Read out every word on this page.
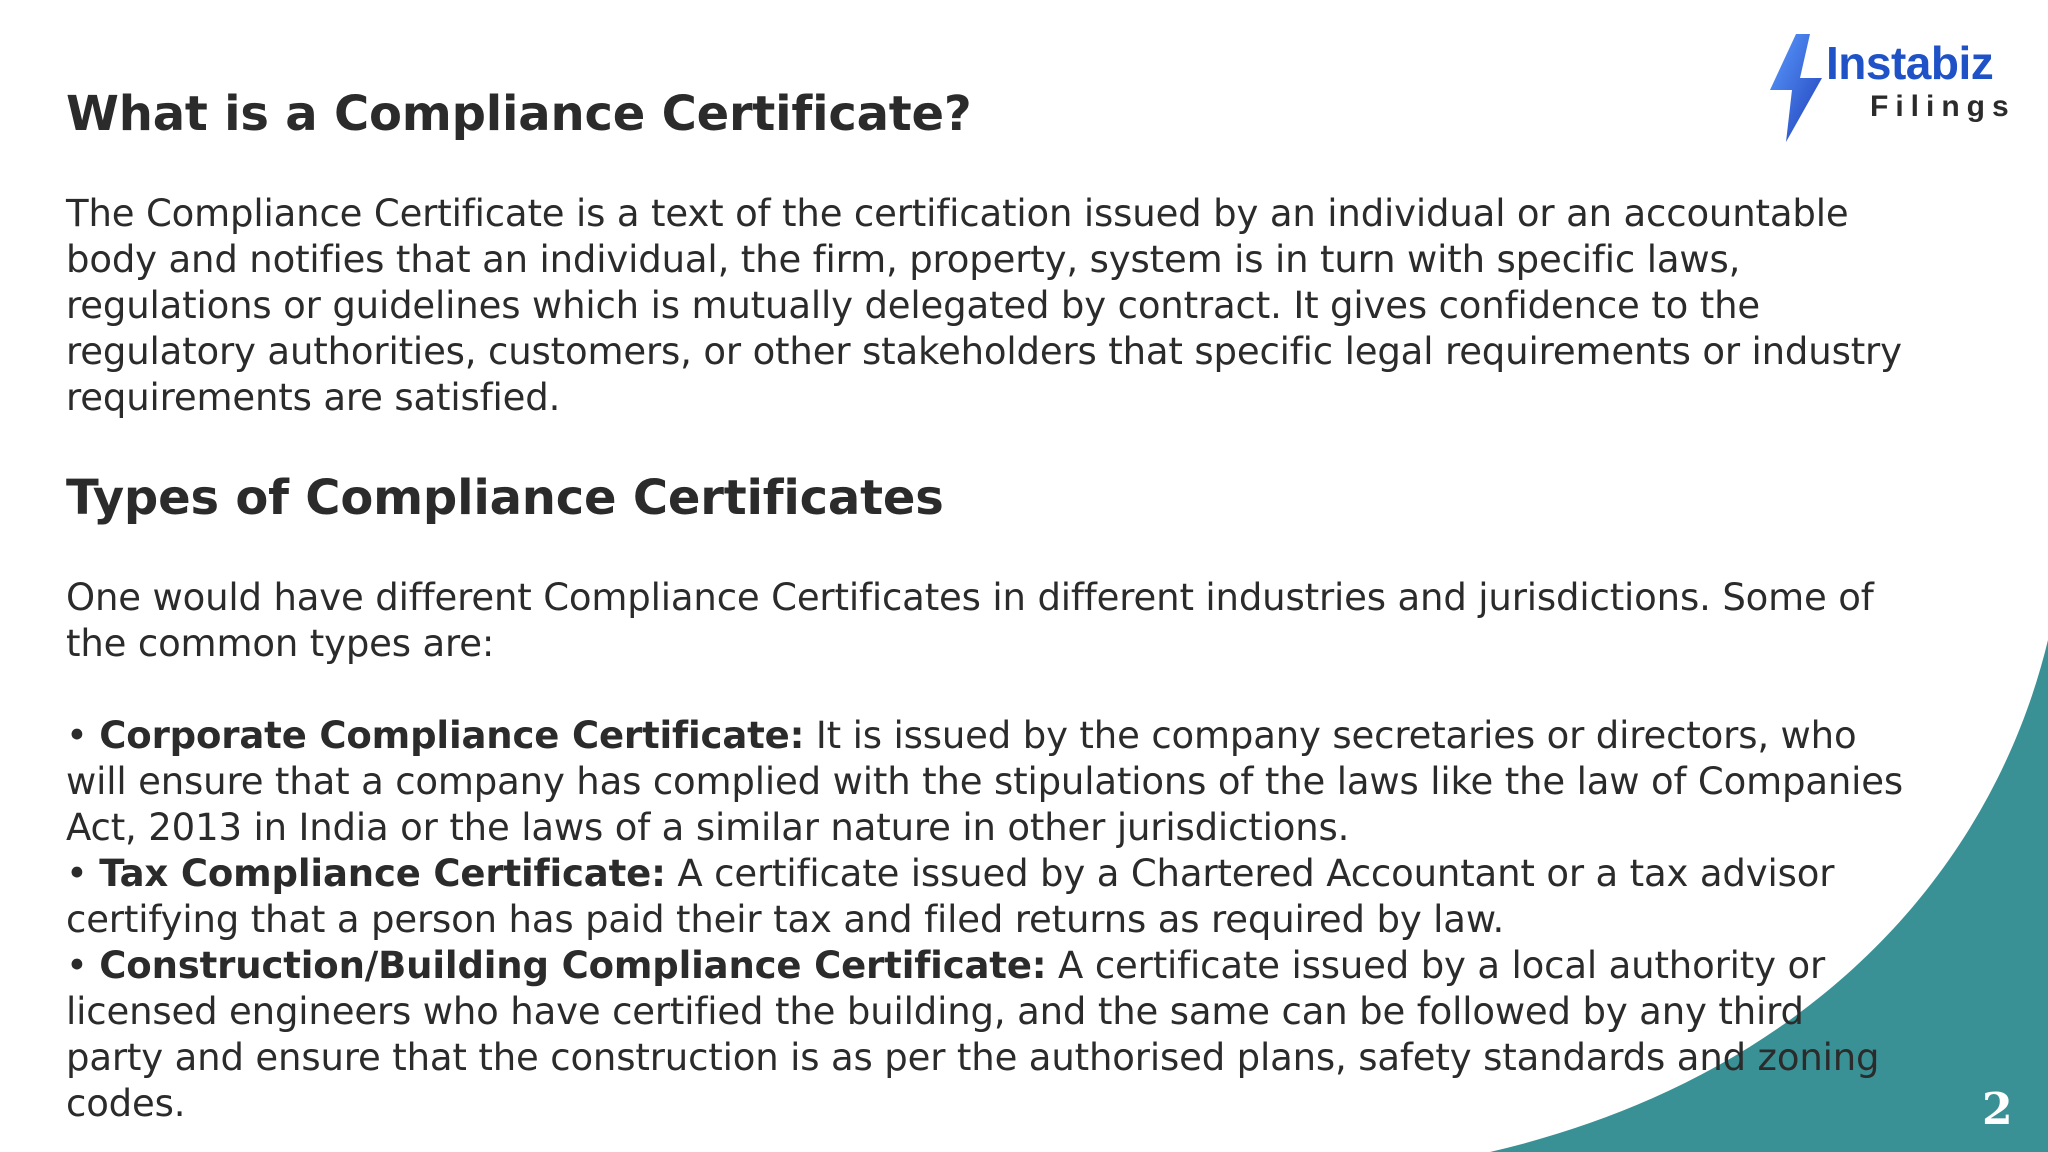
Instabiz
Filings
What is a Compliance Certificate?

The Compliance Certificate is a text of the certification issued by an individual or an accountable body and notifies that an individual, the firm, property, system is in turn with specific laws, regulations or guidelines which is mutually delegated by contract. It gives confidence to the regulatory authorities, customers, or other stakeholders that specific legal requirements or industry requirements are satisfied.

Types of Compliance Certificates

One would have different Compliance Certificates in different industries and jurisdictions. Some of the common types are:

• Corporate Compliance Certificate: It is issued by the company secretaries or directors, who will ensure that a company has complied with the stipulations of the laws like the law of Companies Act, 2013 in India or the laws of a similar nature in other jurisdictions.
• Tax Compliance Certificate: A certificate issued by a Chartered Accountant or a tax advisor certifying that a person has paid their tax and filed returns as required by law.
• Construction/Building Compliance Certificate: A certificate issued by a local authority or licensed engineers who have certified the building, and the same can be followed by any third party and ensure that the construction is as per the authorised plans, safety standards and zoning codes.	2
